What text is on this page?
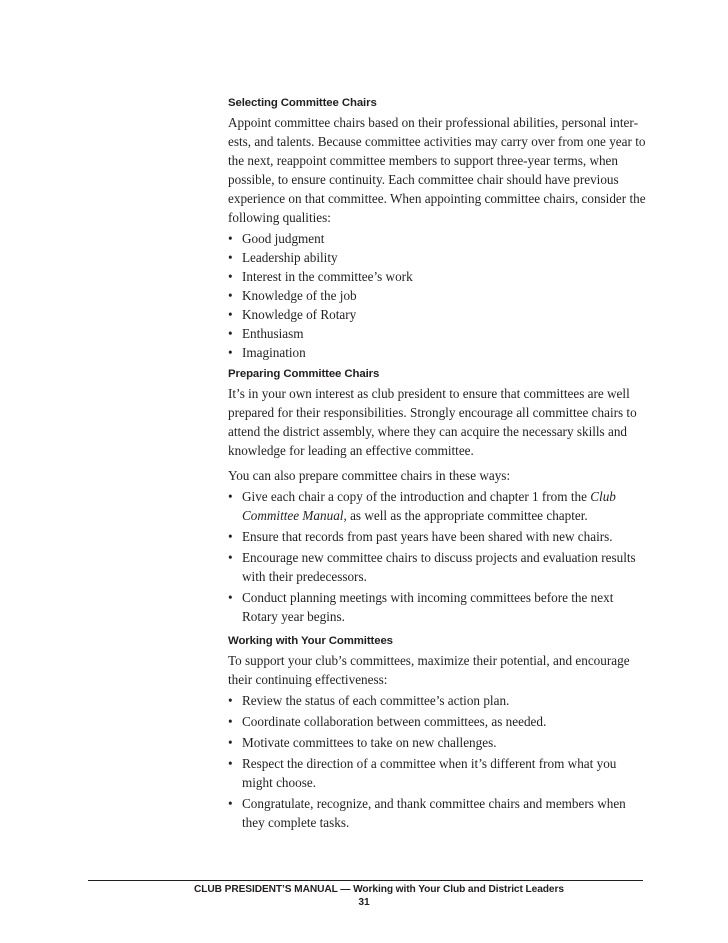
Selecting Committee Chairs

Appoint committee chairs based on their professional abilities, personal interests, and talents. Because committee activities may carry over from one year to the next, reappoint committee members to support three-year terms, when possible, to ensure continuity. Each committee chair should have previous experience on that committee. When appointing committee chairs, consider the following qualities:

• Good judgment
• Leadership ability
• Interest in the committee’s work
• Knowledge of the job
• Knowledge of Rotary
• Enthusiasm
• Imagination
Preparing Committee Chairs

It’s in your own interest as club president to ensure that committees are well prepared for their responsibilities. Strongly encourage all committee chairs to attend the district assembly, where they can acquire the necessary skills and knowledge for leading an effective committee.

You can also prepare committee chairs in these ways:

• Give each chair a copy of the introduction and chapter 1 from the Club Committee Manual, as well as the appropriate committee chapter.
• Ensure that records from past years have been shared with new chairs.
• Encourage new committee chairs to discuss projects and evaluation results with their predecessors.
• Conduct planning meetings with incoming committees before the next Rotary year begins.
Working with Your Committees

To support your club’s committees, maximize their potential, and encourage their continuing effectiveness:

• Review the status of each committee’s action plan.
• Coordinate collaboration between committees, as needed.
• Motivate committees to take on new challenges.
• Respect the direction of a committee when it’s different from what you might choose.
• Congratulate, recognize, and thank committee chairs and members when they complete tasks.
CLUB PRESIDENT’S MANUAL — Working with Your Club and District Leaders
31
